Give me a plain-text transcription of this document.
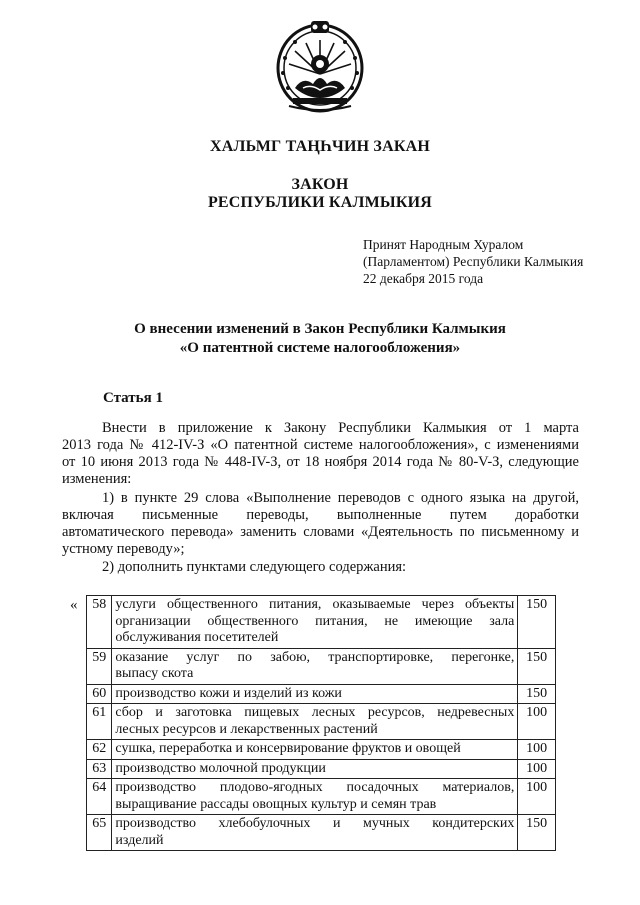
ХАЛЬМГ ТАҢҺЧИН ЗАКАН
ЗАКОН
РЕСПУБЛИКИ КАЛМЫКИЯ
Принят Народным Хуралом
(Парламентом) Республики Калмыкия
22 декабря 2015 года
О внесении изменений в Закон Республики Калмыкия
«О патентной системе налогообложения»
Статья 1
Внести в приложение к Закону Республики Калмыкия от 1 марта
2013 года № 412-IV-З «О патентной системе налогообложения», с изменениями
от 10 июня 2013 года № 448-IV-З, от 18 ноября 2014 года № 80-V-З, следующие
изменения:
1) в пункте 29 слова «Выполнение переводов с одного языка на другой,
включая письменные переводы, выполненные путем доработки
автоматического перевода» заменить словами «Деятельность по письменному и
устному переводу»;
2) дополнить пунктами следующего содержания:
« 58	услуги общественного питания, оказываемые через объекты
организации общественного питания, не имеющие зала
обслуживания посетителей	150
59	оказание услуг по забою, транспортировке, перегонке,
выпасу скота	150
60	производство кожи и изделий из кожи	150
61	сбор и заготовка пищевых лесных ресурсов, недревесных
лесных ресурсов и лекарственных растений	100
62	сушка, переработка и консервирование фруктов и овощей	100
63	производство молочной продукции	100
64	производство плодово-ягодных посадочных материалов,
выращивание рассады овощных культур и семян трав	100
65	производство хлебобулочных и мучных кондитерских
изделий	150
